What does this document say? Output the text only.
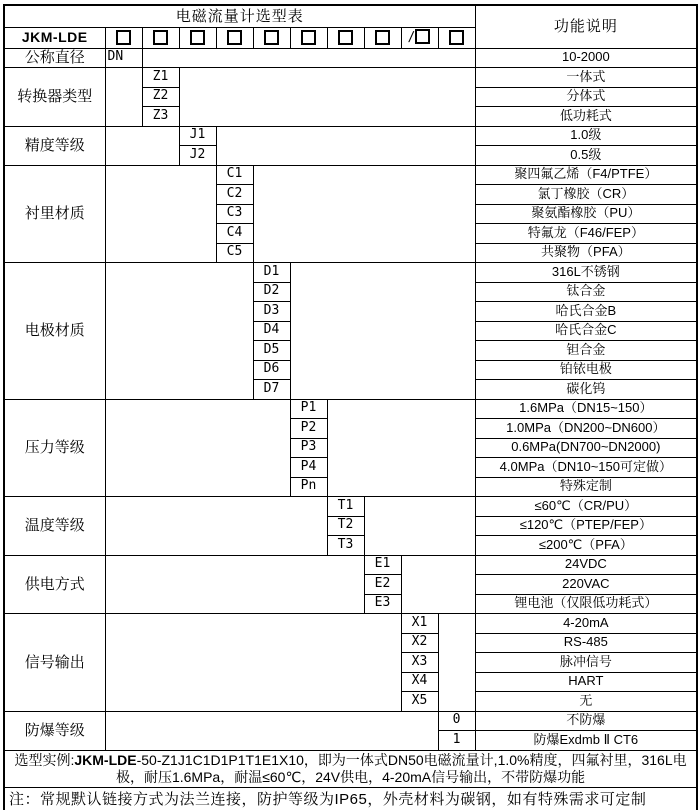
电磁流量计选型表											功能说明
JKM-LDE									/		
公称直径	DN										10-2000
转换器类型		Z1									一体式
		Z2									分体式
		Z3									低功耗式
精度等级			J1								1.0级
			J2								0.5级
衬里材质				C1							聚四氟乙烯（F4/PTFE）
				C2							氯丁橡胶（CR）
				C3							聚氨酯橡胶（PU）
				C4							特氟龙（F46/FEP）
				C5							共聚物（PFA）
电极材质					D1						316L不锈钢
					D2						钛合金
					D3						哈氏合金B
					D4						哈氏合金C
					D5						钽合金
					D6						铂铱电极
					D7						碳化钨
压力等级						P1					1.6MPa（DN15~150）
						P2					1.0MPa（DN200~DN600）
						P3					0.6MPa(DN700~DN2000)
						P4					4.0MPa（DN10~150可定做）
						Pn					特殊定制
温度等级							T1				≤60℃（CR/PU）
							T2				≤120℃（PTEP/FEP）
							T3				≤200℃（PFA）
供电方式								E1			24VDC
								E2			220VAC
								E3			锂电池（仅限低功耗式）
信号输出									X1		4-20mA
									X2		RS-485
									X3		脉冲信号
									X4		HART
									X5		无
防爆等级										0	不防爆
										1	防爆Exdmb Ⅱ CT6
选型实例:JKM-LDE-50-Z1J1C1D1P1T1E1X10，即为一体式DN50电磁流量计,1.0%精度，四氟衬里，316L电极，耐压1.6MPa，耐温≤60℃，24V供电，4-20mA信号输出，不带防爆功能											
注：常规默认链接方式为法兰连接，防护等级为IP65，外壳材料为碳钢，如有特殊需求可定制											
